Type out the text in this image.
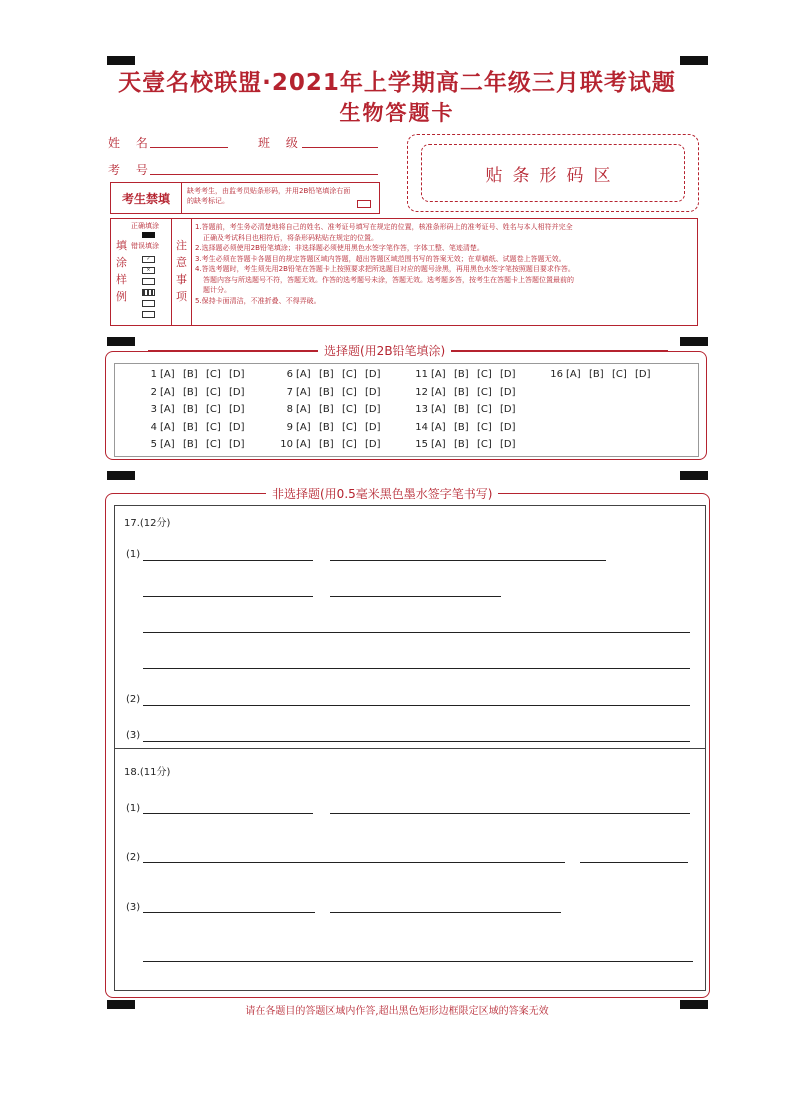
天壹名校联盟·2021年上学期高二年级三月联考试题
生物答题卡
姓 名	班 级
考 号
考生禁填
缺考考生，由监考员贴条形码，并用2B铅笔填涂右面的缺考标记。
贴条形码区
填
涂
样
例
正确填涂
错误填涂
✓
×
注
意
事
项
1.答题前，考生务必清楚地将自己的姓名、准考证号填写在规定的位置，核准条形码上的准考证号、姓名与本人相符并完全
正确及考试科目也相符后，将条形码粘贴在规定的位置。
2.选择题必须使用2B铅笔填涂；非选择题必须使用黑色水签字笔作答，字体工整、笔迹清楚。
3.考生必须在答题卡各题目的规定答题区域内答题，超出答题区域范围书写的答案无效；在草稿纸、试题卷上答题无效。
4.答选考题时，考生须先用2B铅笔在答题卡上按照要求把所选题目对应的题号涂黑，再用黑色水签字笔按照题目要求作答。
答题内容与所选题号不符，答题无效。作答的选考题号未涂，答题无效。选考题多答，按考生在答题卡上答题位置最前的
题计分。
5.保持卡面清洁，不准折叠、不得弄破。
选择题(用2B铅笔填涂)
1 [A] [B] [C] [D]
2 [A] [B] [C] [D]
3 [A] [B] [C] [D]
4 [A] [B] [C] [D]
5 [A] [B] [C] [D]
6 [A] [B] [C] [D]
7 [A] [B] [C] [D]
8 [A] [B] [C] [D]
9 [A] [B] [C] [D]
10 [A] [B] [C] [D]
11 [A] [B] [C] [D]
12 [A] [B] [C] [D]
13 [A] [B] [C] [D]
14 [A] [B] [C] [D]
15 [A] [B] [C] [D]
16 [A] [B] [C] [D]
非选择题(用0.5毫米黑色墨水签字笔书写)
17.(12分)
(1)
(2)
(3)
18.(11分)
(1)
(2)
(3)
请在各题目的答题区域内作答,超出黑色矩形边框限定区域的答案无效
